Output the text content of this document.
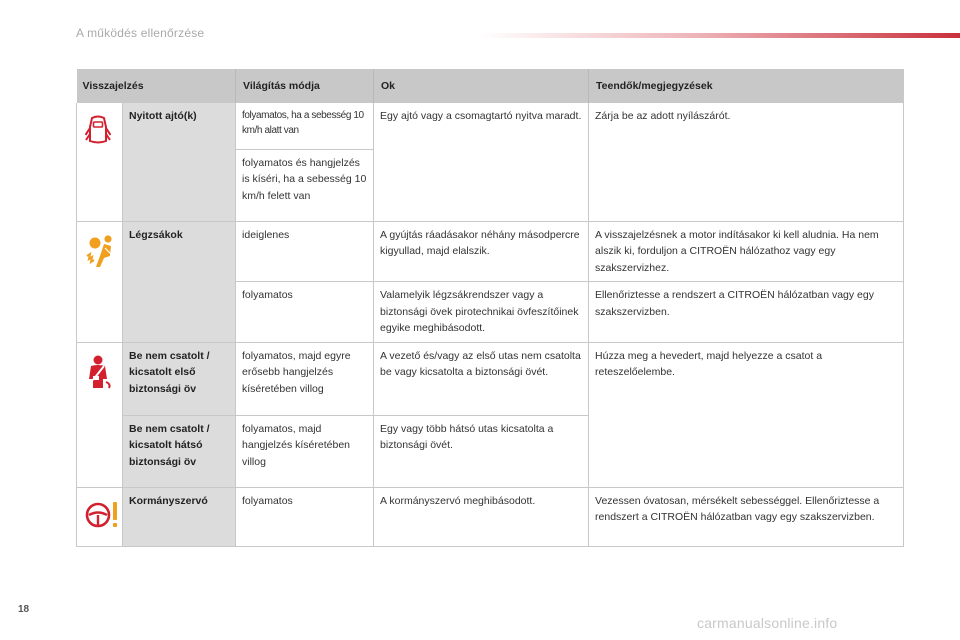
A működés ellenőrzése
Visszajelzés		Világítás módja	Ok	Teendők/megjegyzések

	Nyitott ajtó(k)	folyamatos, ha a sebesség 10 km/h alatt van	Egy ajtó vagy a csomagtartó nyitva maradt.	Zárja be az adott nyílászárót.
		folyamatos és hangjelzés is kíséri, ha a sebesség 10 km/h felett van		

	Légzsákok	ideiglenes	A gyújtás ráadásakor néhány másodpercre kigyullad, majd elalszik.	A visszajelzésnek a motor indításakor ki kell aludnia. Ha nem alszik ki, forduljon a CITROËN hálózathoz vagy egy szakszervizhez.
		folyamatos	Valamelyik légzsákrendszer vagy a biztonsági övek pirotechnikai övfeszítőinek egyike meghibásodott.	Ellenőriztesse a rendszert a CITROËN hálózatban vagy egy szakszervizben.

	Be nem csatolt / kicsatolt első biztonsági öv	folyamatos, majd egyre erősebb hangjelzés kíséretében villog	A vezető és/vagy az első utas nem csatolta be vagy kicsatolta a biztonsági övét.	Húzza meg a hevedert, majd helyezze a csatot a reteszelőelembe.
	Be nem csatolt / kicsatolt hátsó biztonsági öv	folyamatos, majd hangjelzés kíséretében villog	Egy vagy több hátsó utas kicsatolta a biztonsági övét.	

	Kormányszervó	folyamatos	A kormányszervó meghibásodott.	Vezessen óvatosan, mérsékelt sebességgel. Ellenőriztesse a rendszert a CITROËN hálózatban vagy egy szakszervizben.
18
carmanualsonline.info
